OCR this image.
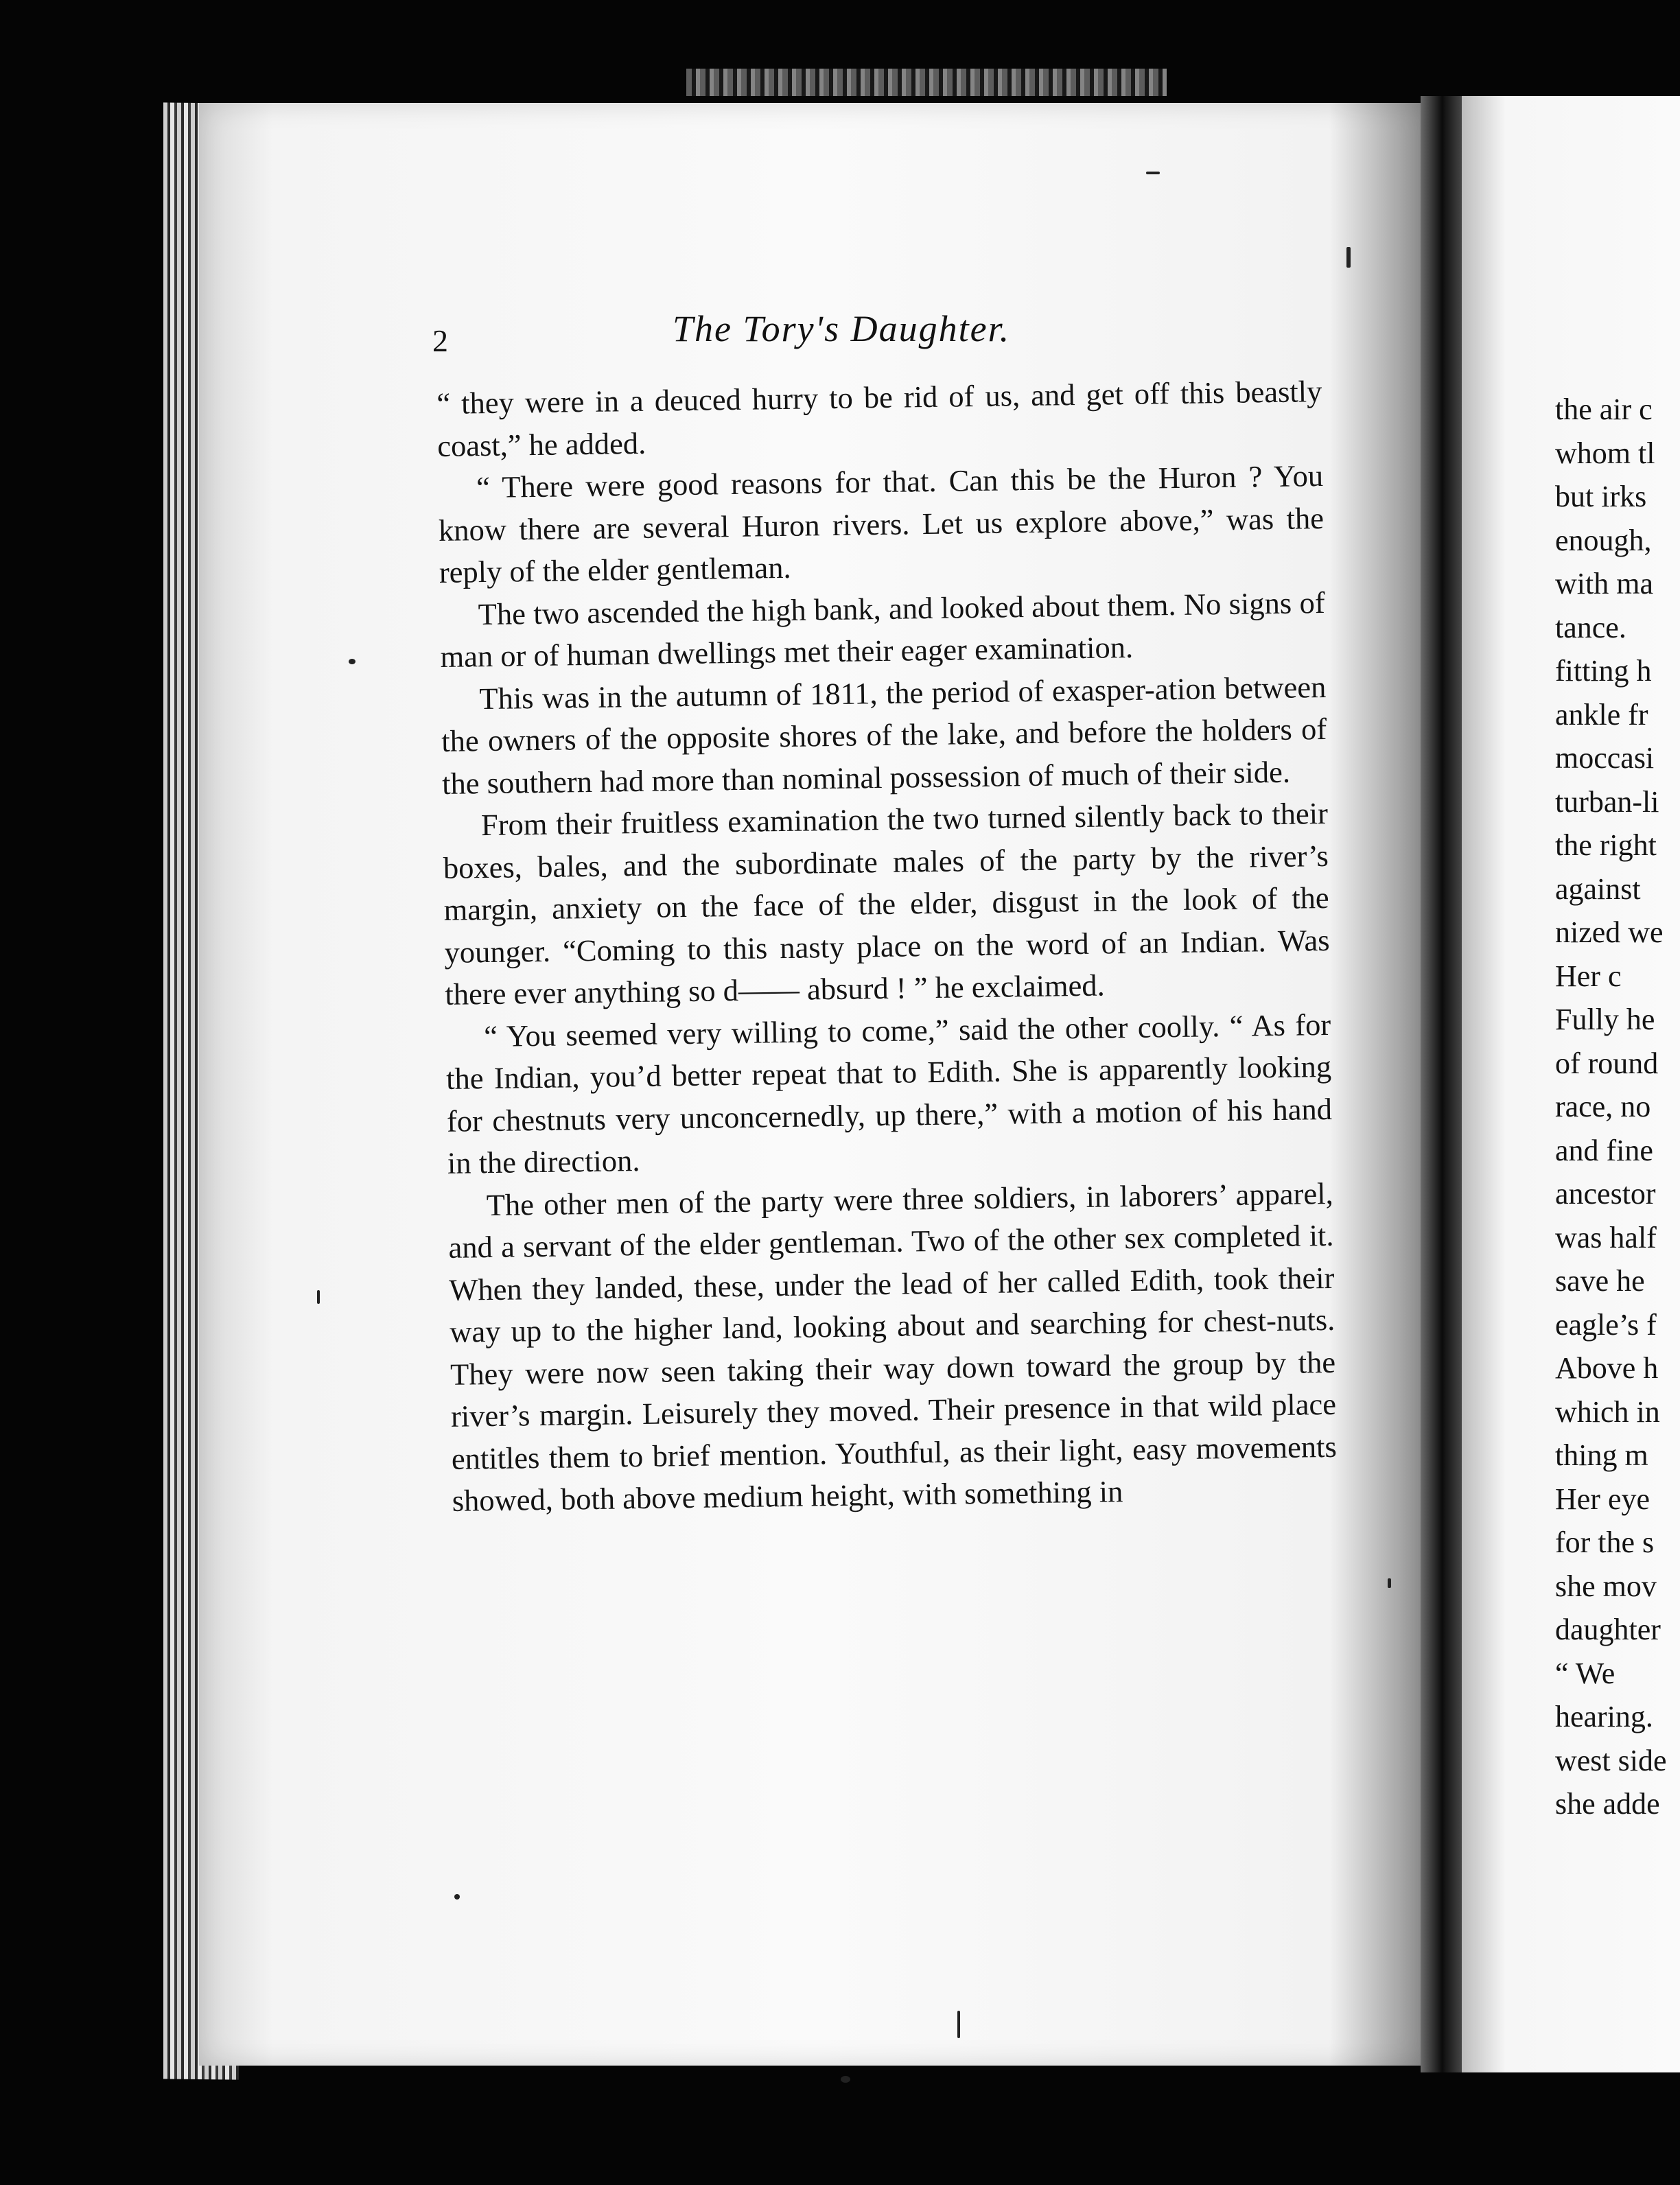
2	The Tory's Daughter.

“ they were in a deuced hurry to be rid of us, and get off this beastly coast,” he added.

“ There were good reasons for that. Can this be the Huron ? You know there are several Huron rivers. Let us explore above,” was the reply of the elder gentleman.

The two ascended the high bank, and looked about them. No signs of man or of human dwellings met their eager examination.

This was in the autumn of 1811, the period of exasper-ation between the owners of the opposite shores of the lake, and before the holders of the southern had more than nominal possession of much of their side.

From their fruitless examination the two turned silently back to their boxes, bales, and the subordinate males of the party by the river’s margin, anxiety on the face of the elder, disgust in the look of the younger. “Coming to this nasty place on the word of an Indian. Was there ever anything so d—— absurd ! ” he exclaimed.

“ You seemed very willing to come,” said the other coolly. “ As for the Indian, you’d better repeat that to Edith. She is apparently looking for chestnuts very unconcernedly, up there,” with a motion of his hand in the direction.

The other men of the party were three soldiers, in laborers’ apparel, and a servant of the elder gentleman. Two of the other sex completed it. When they landed, these, under the lead of her called Edith, took their way up to the higher land, looking about and searching for chest-nuts. They were now seen taking their way down toward the group by the river’s margin. Leisurely they moved. Their presence in that wild place entitles them to brief mention. Youthful, as their light, easy movements showed, both above medium height, with something in

the air c
whom tl
but irks
enough,
with ma
tance.
fitting h
ankle fr
moccasi
turban-li
the right
against
nized we
Her c
Fully he
of round
race, no
and fine
ancestor
was half
save he
eagle’s f
Above h
which in
thing m
Her eye
for the s
she mov
daughter
“ We
hearing.
west side
she adde
